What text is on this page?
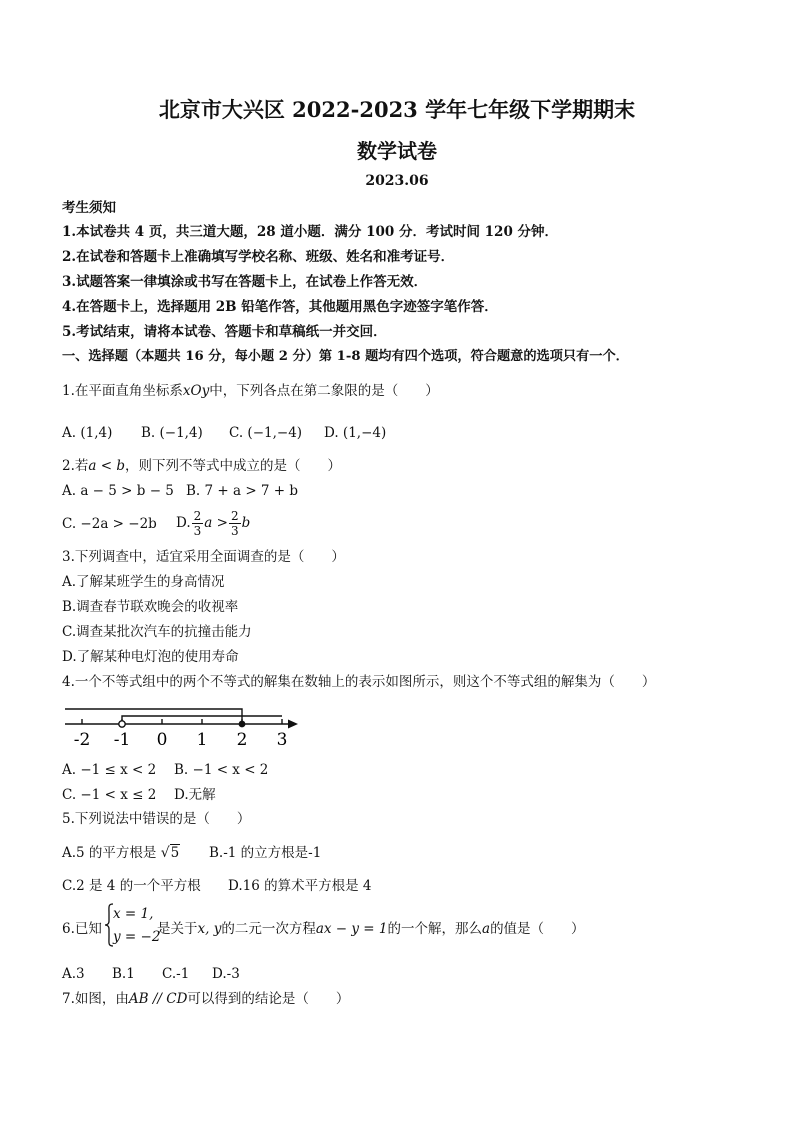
北京市大兴区 2022-2023 学年七年级下学期期末
数学试卷
2023.06
考生须知
1.本试卷共 4 页，共三道大题，28 道小题．满分 100 分．考试时间 120 分钟．
2.在试卷和答题卡上准确填写学校名称、班级、姓名和准考证号．
3.试题答案一律填涂或书写在答题卡上，在试卷上作答无效．
4.在答题卡上，选择题用 2B 铅笔作答，其他题用黑色字迹签字笔作答．
5.考试结束，请将本试卷、答题卡和草稿纸一并交回．
一、选择题（本题共 16 分，每小题 2 分）第 1-8 题均有四个选项，符合题意的选项只有一个．
1.在平面直角坐标系xOy中，下列各点在第二象限的是（　　）
A. (1,4) B. (−1,4) C. (−1,−4) D. (1,−4)
2.若a < b，则下列不等式中成立的是（　　）
A. a − 5 > b − 5 B. 7 + a > 7 + b
C. −2a > −2b D. $\frac{2}{3}$ $a > \frac{2}{3}$ b
3.下列调查中，适宜采用全面调查的是（　　）
A.了解某班学生的身高情况
B.调查春节联欢晚会的收视率
C.调查某批次汽车的抗撞击能力
D.了解某种电灯泡的使用寿命
4.一个不等式组中的两个不等式的解集在数轴上的表示如图所示，则这个不等式组的解集为（　　）
-2 -1 0 1 2 3
A. −1 ≤ x < 2 B. −1 < x < 2
C. −1 < x ≤ 2 D.无解
5.下列说法中错误的是（　　）
A.5 的平方根是 √5 B.-1 的立方根是-1
C.2 是 4 的一个平方根 D.16 的算术平方根是 4
6.已知
x = 1,
y = −2
是关于x, y的二元一次方程ax − y = 1的一个解，那么a的值是（　　）
A.3 B.1 C.-1 D.-3
7.如图，由AB // CD可以得到的结论是（　　）
